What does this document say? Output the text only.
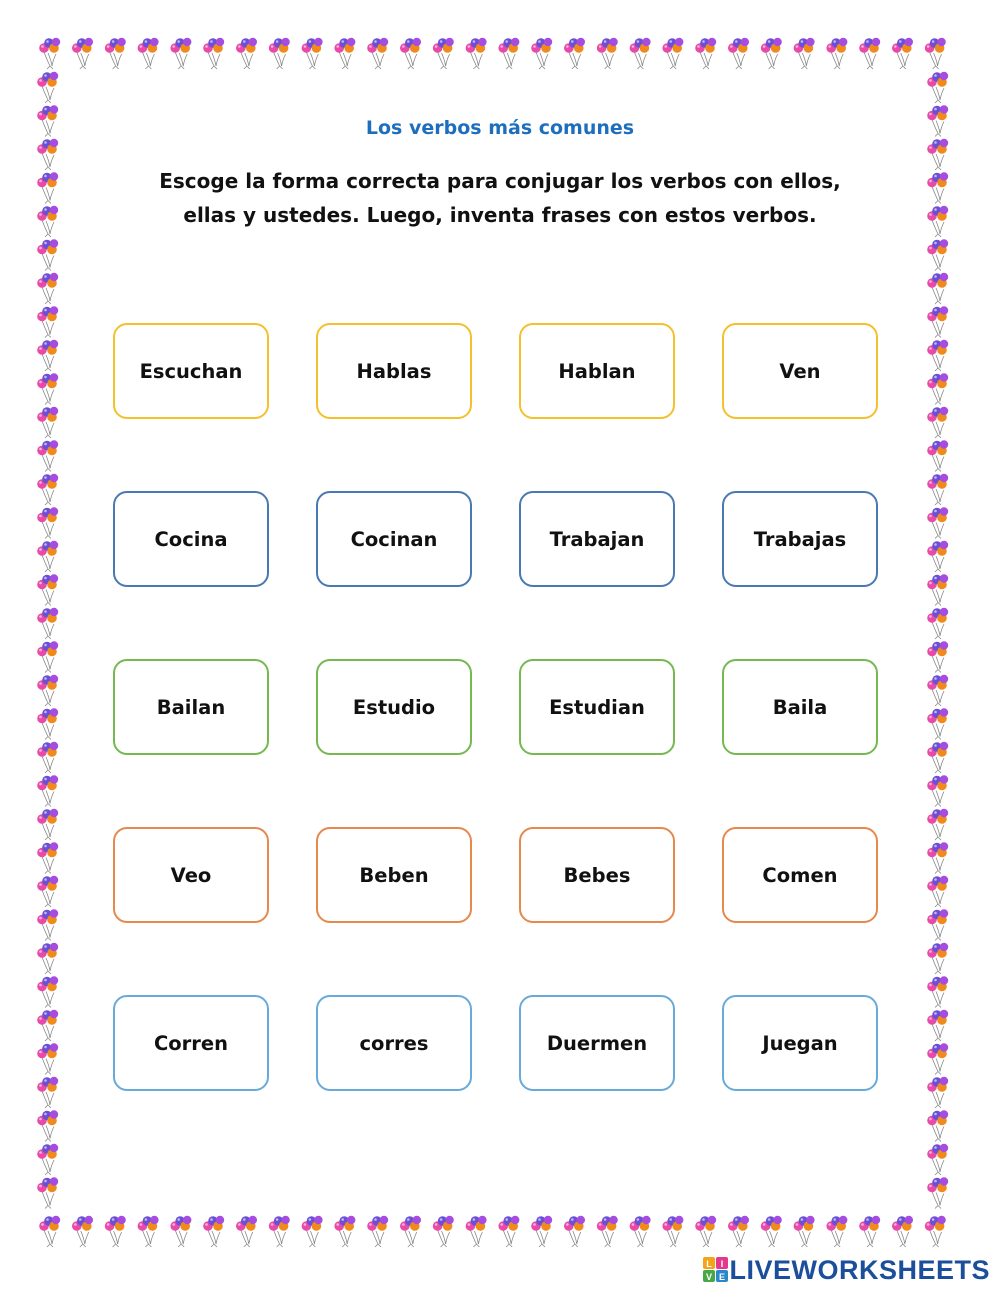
Los verbos más comunes
Escoge la forma correcta para conjugar los verbos con ellos, ellas y ustedes. Luego, inventa frases con estos verbos.
Escuchan	Hablas	Hablan	Ven
Cocina	Cocinan	Trabajan	Trabajas
Bailan	Estudio	Estudian	Baila
Veo	Beben	Bebes	Comen
Corren	corres	Duermen	Juegan
L I
V E LIVEWORKSHEETS
